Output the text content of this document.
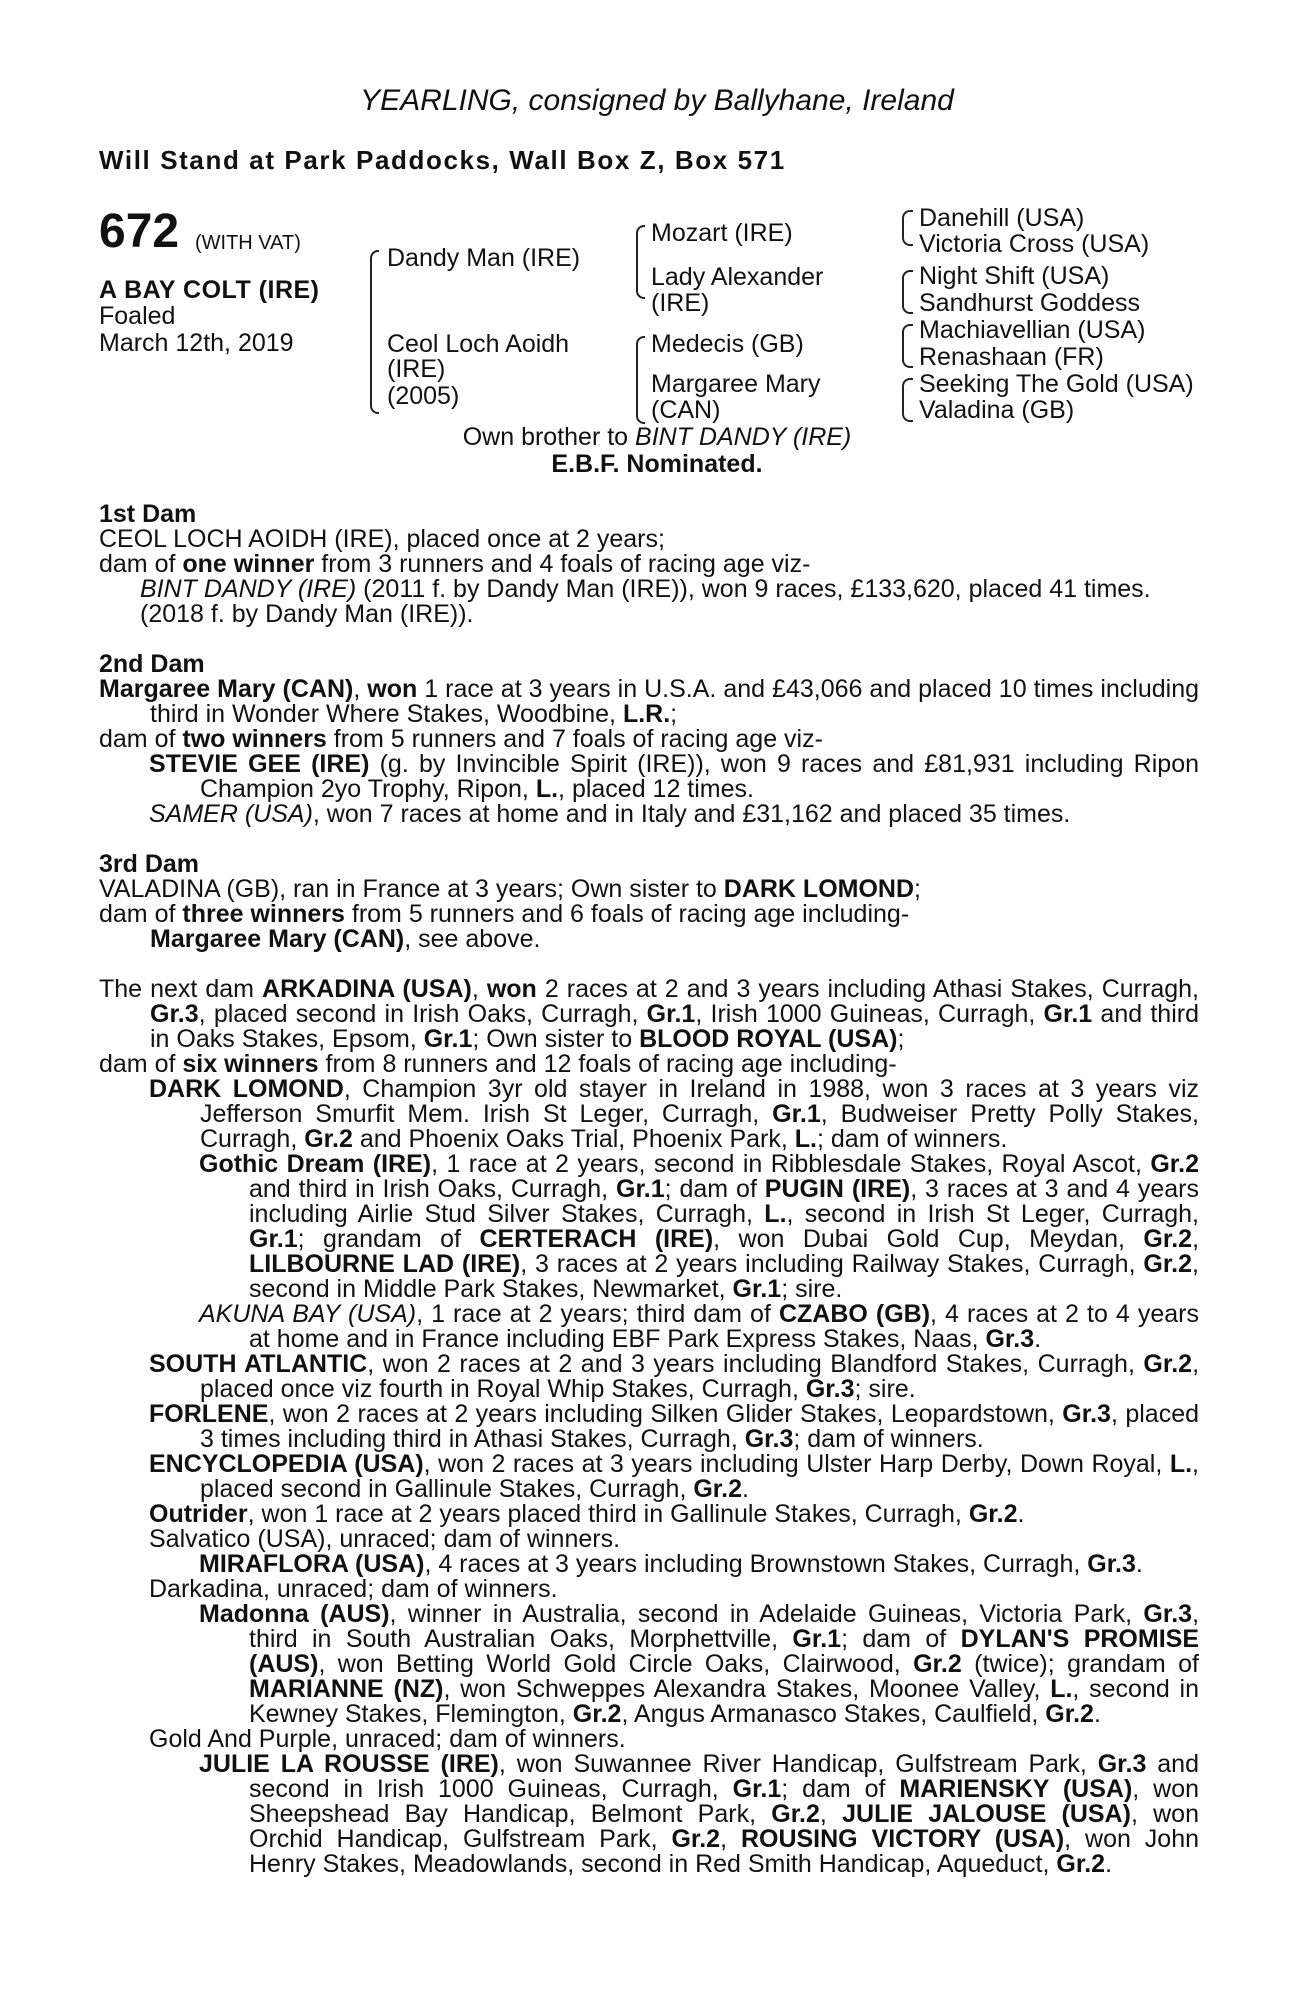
YEARLING, consigned by Ballyhane, Ireland
Will Stand at Park Paddocks, Wall Box Z, Box 571
672 (WITH VAT)
A BAY COLT (IRE)
Foaled
March 12th, 2019
Dandy Man (IRE)
Ceol Loch Aoidh
(IRE)
(2005)
Mozart (IRE)
Lady Alexander
(IRE)
Medecis (GB)
Margaree Mary
(CAN)
Danehill (USA)
Victoria Cross (USA)
Night Shift (USA)
Sandhurst Goddess
Machiavellian (USA)
Renashaan (FR)
Seeking The Gold (USA)
Valadina (GB)
Own brother to BINT DANDY (IRE)
E.B.F. Nominated.

1st Dam

CEOL LOCH AOIDH (IRE), placed once at 2 years;

dam of one winner from 3 runners and 4 foals of racing age viz-

BINT DANDY (IRE) (2011 f. by Dandy Man (IRE)), won 9 races, £133,620, placed 41 times.

(2018 f. by Dandy Man (IRE)).

2nd Dam

Margaree Mary (CAN), won 1 race at 3 years in U.S.A. and £43,066 and placed 10 times including third in Wonder Where Stakes, Woodbine, L.R.;

dam of two winners from 5 runners and 7 foals of racing age viz-

STEVIE GEE (IRE) (g. by Invincible Spirit (IRE)), won 9 races and £81,931 including Ripon Champion 2yo Trophy, Ripon, L., placed 12 times.

SAMER (USA), won 7 races at home and in Italy and £31,162 and placed 35 times.

3rd Dam

VALADINA (GB), ran in France at 3 years; Own sister to DARK LOMOND;

dam of three winners from 5 runners and 6 foals of racing age including-

Margaree Mary (CAN), see above.

The next dam ARKADINA (USA), won 2 races at 2 and 3 years including Athasi Stakes, Curragh, Gr.3, placed second in Irish Oaks, Curragh, Gr.1, Irish 1000 Guineas, Curragh, Gr.1 and third in Oaks Stakes, Epsom, Gr.1; Own sister to BLOOD ROYAL (USA);

dam of six winners from 8 runners and 12 foals of racing age including-

DARK LOMOND, Champion 3yr old stayer in Ireland in 1988, won 3 races at 3 years viz Jefferson Smurfit Mem. Irish St Leger, Curragh, Gr.1, Budweiser Pretty Polly Stakes, Curragh, Gr.2 and Phoenix Oaks Trial, Phoenix Park, L.; dam of winners.

Gothic Dream (IRE), 1 race at 2 years, second in Ribblesdale Stakes, Royal Ascot, Gr.2 and third in Irish Oaks, Curragh, Gr.1; dam of PUGIN (IRE), 3 races at 3 and 4 years including Airlie Stud Silver Stakes, Curragh, L., second in Irish St Leger, Curragh, Gr.1; grandam of CERTERACH (IRE), won Dubai Gold Cup, Meydan, Gr.2, LILBOURNE LAD (IRE), 3 races at 2 years including Railway Stakes, Curragh, Gr.2, second in Middle Park Stakes, Newmarket, Gr.1; sire.

AKUNA BAY (USA), 1 race at 2 years; third dam of CZABO (GB), 4 races at 2 to 4 years at home and in France including EBF Park Express Stakes, Naas, Gr.3.

SOUTH ATLANTIC, won 2 races at 2 and 3 years including Blandford Stakes, Curragh, Gr.2, placed once viz fourth in Royal Whip Stakes, Curragh, Gr.3; sire.

FORLENE, won 2 races at 2 years including Silken Glider Stakes, Leopardstown, Gr.3, placed 3 times including third in Athasi Stakes, Curragh, Gr.3; dam of winners.

ENCYCLOPEDIA (USA), won 2 races at 3 years including Ulster Harp Derby, Down Royal, L., placed second in Gallinule Stakes, Curragh, Gr.2.

Outrider, won 1 race at 2 years placed third in Gallinule Stakes, Curragh, Gr.2.

Salvatico (USA), unraced; dam of winners.

MIRAFLORA (USA), 4 races at 3 years including Brownstown Stakes, Curragh, Gr.3.

Darkadina, unraced; dam of winners.

Madonna (AUS), winner in Australia, second in Adelaide Guineas, Victoria Park, Gr.3, third in South Australian Oaks, Morphettville, Gr.1; dam of DYLAN'S PROMISE (AUS), won Betting World Gold Circle Oaks, Clairwood, Gr.2 (twice); grandam of MARIANNE (NZ), won Schweppes Alexandra Stakes, Moonee Valley, L., second in Kewney Stakes, Flemington, Gr.2, Angus Armanasco Stakes, Caulfield, Gr.2.

Gold And Purple, unraced; dam of winners.

JULIE LA ROUSSE (IRE), won Suwannee River Handicap, Gulfstream Park, Gr.3 and second in Irish 1000 Guineas, Curragh, Gr.1; dam of MARIENSKY (USA), won Sheepshead Bay Handicap, Belmont Park, Gr.2, JULIE JALOUSE (USA), won Orchid Handicap, Gulfstream Park, Gr.2, ROUSING VICTORY (USA), won John Henry Stakes, Meadowlands, second in Red Smith Handicap, Aqueduct, Gr.2.
